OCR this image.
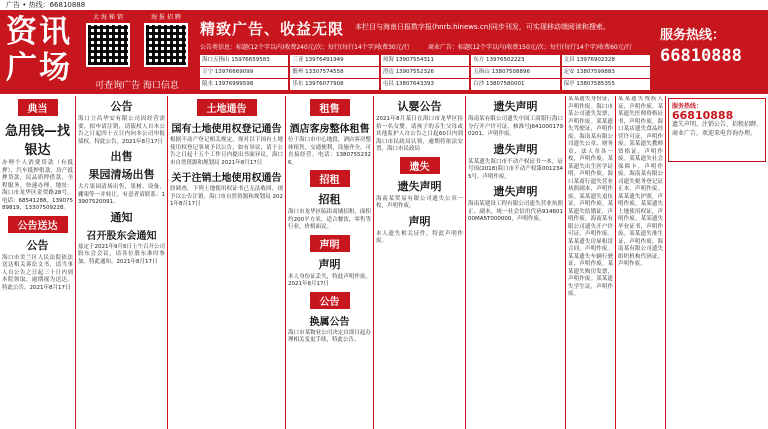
广告 • 热线：66810888
资讯广场
大 海 秘 钥	海 报 招 聘
可查询广告 海口信息
精致广告、收益无限 本栏目与海南日报数字报(hnrb.hinews.cn)同步刊发，可实现移动端阅读和搜索。
公告类信息：标题(12个字以内)收费240元/次；每行(每行14个字)收费30元/行	商业广告：标题(12个字以内)收费150元/次；每行(每行14个字)收费60元/行
海口五指山 15976659583	三亚 13976491949	琼海 13907554311	东方 13976502223	文昌 13976902328
万宁 13976669099	儋州 13307574558	澄迈 13907552326	五指山 13807508896	定安 13807599883
陵水 13976999598	乐东 13976077908	屯昌 13807643393	白沙 13807580001	保亭 13807585355
服务热线：
66810888
典当
急用钱—找银达
办理个人消费贷款（有抵押），汽车抵押借款，房产抵押贷款，民品质押借款，全程服务，快速办理。地址：海口市龙华区金贸路28号。电话：68541288，13907589819，13307509228。
公告送达
公告
海口市美兰区人民法院依法送达相关诉讼文书，请当事人自公告之日起三十日内到本院领取，逾期视为送达。特此公告。2021年8月17日
公告
海口立昌华安有限公司因经营需要，拟申请注销，请债权人自本公告之日起四十五日内向本公司申报债权。特此公告。2021年8月17日
出售
果园清场出售
大片果园清场出售，果树、设备、棚架等一并转让，有意者请联系：13907520091。
通知
召开股东会通知
兹定于2021年9月6日上午召开公司股东会会议，请各位股东准时参加。特此通知。2021年8月17日
土地通告
国有土地使用权登记通告
根据不动产登记相关规定，现对以下国有土地使用权登记事项予以公告，如有异议，请于公告之日起十五个工作日内提出书面异议。海口市自然资源和规划局 2021年8月17日
关于注销土地使用权通告
经调查，下列土地使用权证书已无法收回，现予以公告注销。海口市自然资源和规划局 2021年8月17日
租售
酒店客房整体租售
位于海口市中心地段，酒店客房整体租售，交通便利，设施齐全，可直接经营。电话：13807552326。
招租
招租
海口市龙华区临街商铺招租，面积约200平方米，适合餐饮、零售等行业，价格面议。
声明
声明
本人身份证丢失，特此声明作废。2021年8月17日
公告
换属公告
海口市某物业公司决定自即日起办理相关变更手续，特此公告。
认婴公告
2021年8月某日在海口市龙华区捡拾一名女婴，请孩子的亲生父母或其他监护人自公告之日起60日内到海口市民政局认领，逾期将依法安置。海口市民政局
遗失
遗失声明
海南某贸易有限公司遗失公章一枚，声明作废。
声明
本人遗失相关证件，特此声明作废。
遗失声明
海南某有限公司遗失中国工商银行海口分行开户许可证，核准号J6410001790201，声明作废。
遗失声明
某某遗失海口市不动产权证书一本，证号琼(2018)海口市不动产权第0012345号，声明作废。
遗失声明
海南某建设工程有限公司遗失营业执照正、副本，统一社会信用代码91460100MA5T000000，声明作废。
某某遗失身份证，声明作废。海口市某公司遗失发票，声明作废。某某遗失驾驶证，声明作废。海南某有限公司遗失公章、财务章、法人章各一枚，声明作废。某某遗失出生医学证明，声明作废。海口某商行遗失营业执照副本，声明作废。某某遗失退伍证，声明作废。某某遗失结婚证，声明作废。海南某有限公司遗失开户许可证，声明作废。某某遗失房屋租赁合同，声明作废。某某遗失车辆行驶证，声明作废。某某遗失购房发票，声明作废。某某遗失学生证，声明作废。
某某遗失残疾人证，声明作废。某某遗失医师资格证书，声明作废。海口某店遗失食品经营许可证，声明作废。某某遗失教师资格证，声明作废。某某遗失社会保障卡，声明作废。海南某有限公司遗失税务登记证正本，声明作废。某某遗失护照，声明作废。某某遗失土地使用权证，声明作废。某某遗失毕业证书，声明作废。某某遗失准生证，声明作废。海南某有限公司遗失组织机构代码证，声明作废。
服务热线：
66810888
遗失声明、注销公告、招租招聘、商业广告，欢迎来电咨询办理。
